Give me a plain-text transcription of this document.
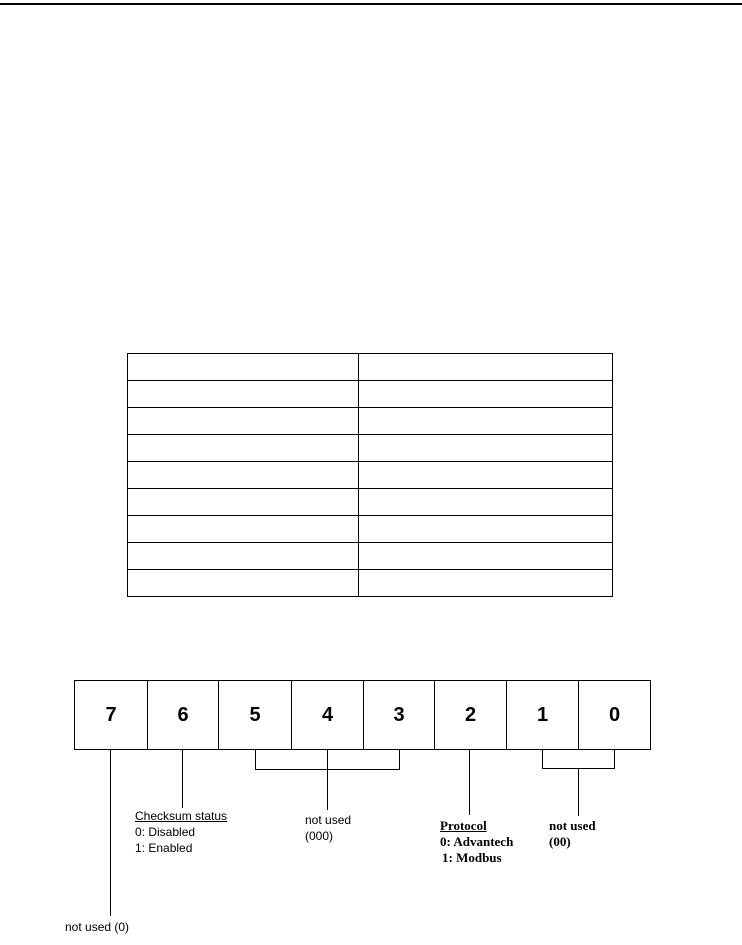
7	6	5	4	3	2	1	0
Checksum status
0: Disabled
1: Enabled
not used
(000)
Protocol
0: Advantech
1: Modbus
not used
(00)
not used (0)
